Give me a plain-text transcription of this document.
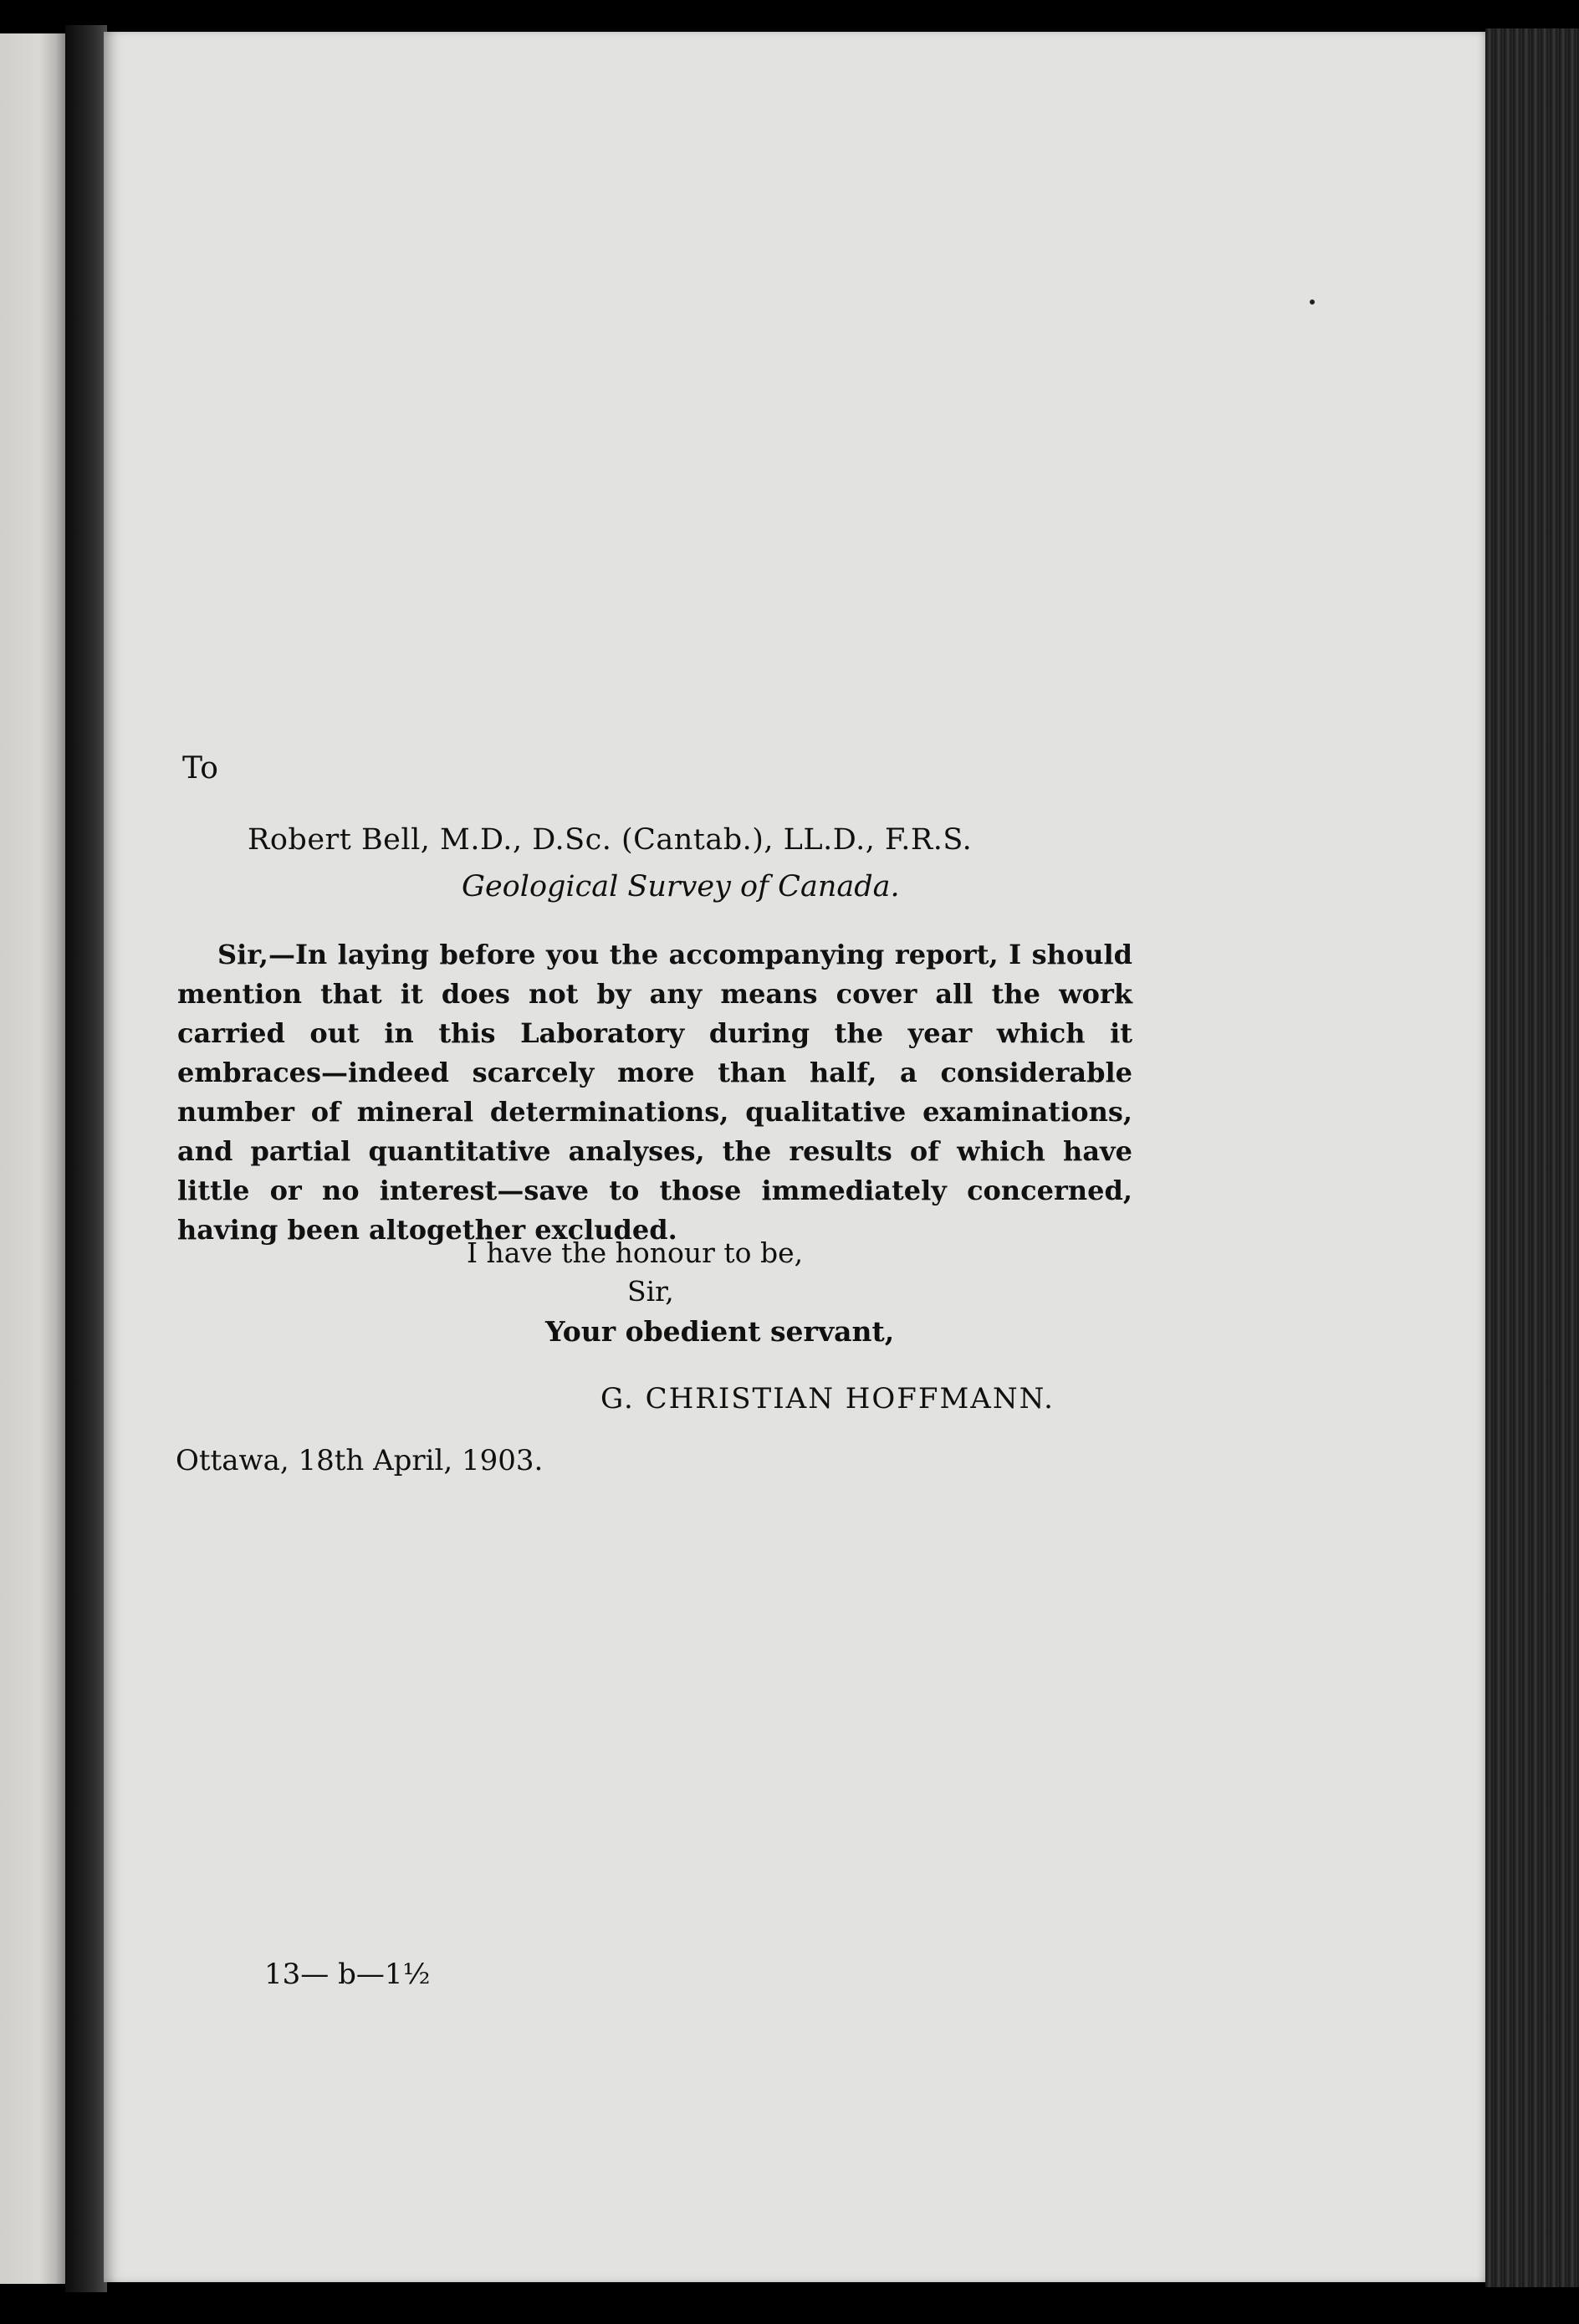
To
Robert Bell, M.D., D.Sc. (Cantab.), LL.D., F.R.S.
Geological Survey of Canada.
Sir,—In laying before you the accompanying report, I should mention that it does not by any means cover all the work carried out in this Laboratory during the year which it embraces—indeed scarcely more than half, a considerable number of mineral determinations, qualitative examinations, and partial quantitative analyses, the results of which have little or no interest—save to those immediately concerned, having been altogether excluded.
I have the honour to be,
Sir,
Your obedient servant,
G. CHRISTIAN HOFFMANN.
Ottawa, 18th April, 1903.
13— b—1½
